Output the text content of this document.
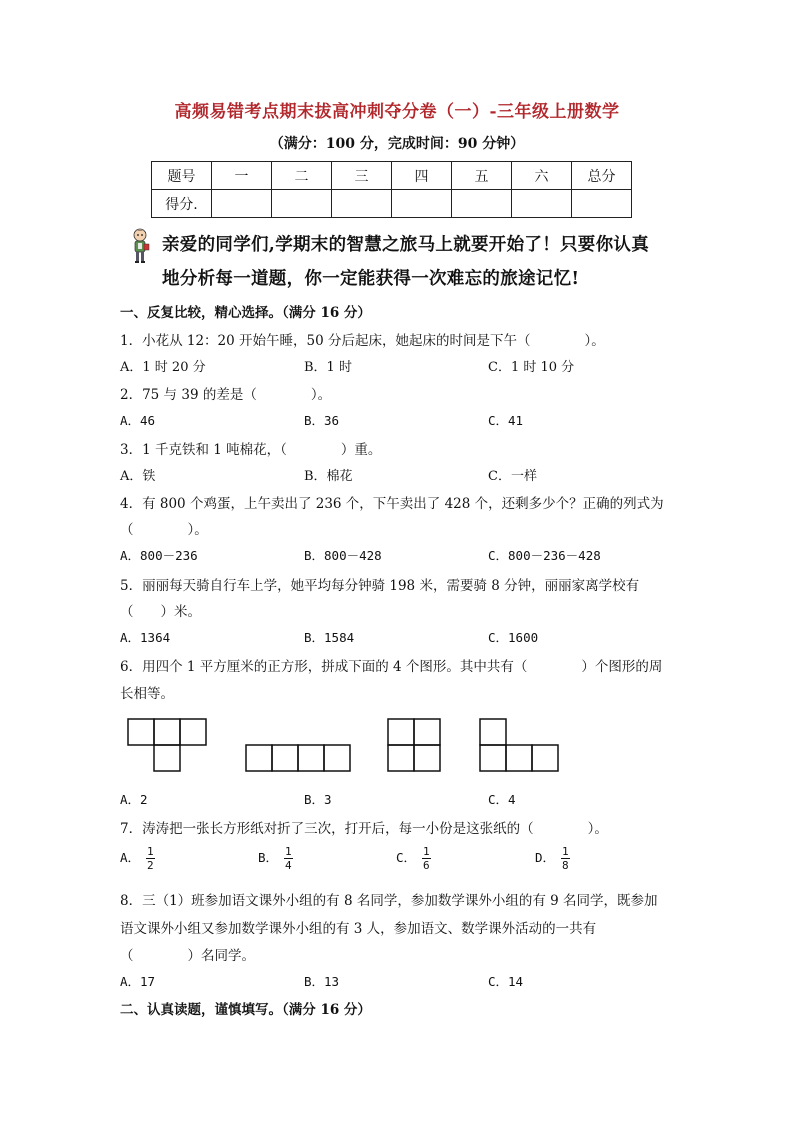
高频易错考点期末拔高冲刺夺分卷（一）-三年级上册数学
（满分：100 分，完成时间：90 分钟）
题号	一	二	三	四	五	六	总分
得分.							
亲爱的同学们,学期末的智慧之旅马上就要开始了！只要你认真
地分析每一道题，你一定能获得一次难忘的旅途记忆!
一、反复比较，精心选择。（满分 16 分）
1．小花从 12：20 开始午睡，50 分后起床，她起床的时间是下午（　　　　）。
A．1 时 20 分	B．1 时	C．1 时 10 分
2．75 与 39 的差是（　　　　）。
A．46	B．36	C．41
3．1 千克铁和 1 吨棉花，（　　　　）重。
A．铁	B．棉花	C．一样
4．有 800 个鸡蛋，上午卖出了 236 个，下午卖出了 428 个，还剩多少个？正确的列式为
（　　　　）。
A．800－236	B．800－428	C．800－236－428
5．丽丽每天骑自行车上学，她平均每分钟骑 198 米，需要骑 8 分钟，丽丽家离学校有
（　　）米。
A．1364	B．1584	C．1600
6．用四个 1 平方厘米的正方形，拼成下面的 4 个图形。其中共有（　　　　）个图形的周
长相等。
A．2	B．3	C．4
7．涛涛把一张长方形纸对折了三次，打开后，每一小份是这张纸的（　　　　）。
A． $\frac{1}{2}$	B． $\frac{1}{4}$	C． $\frac{1}{6}$	D． $\frac{1}{8}$
8．三（1）班参加语文课外小组的有 8 名同学，参加数学课外小组的有 9 名同学，既参加
语文课外小组又参加数学课外小组的有 3 人，参加语文、数学课外活动的一共有
（　　　　）名同学。
A．17	B．13	C．14
二、认真读题，谨慎填写。（满分 16 分）
